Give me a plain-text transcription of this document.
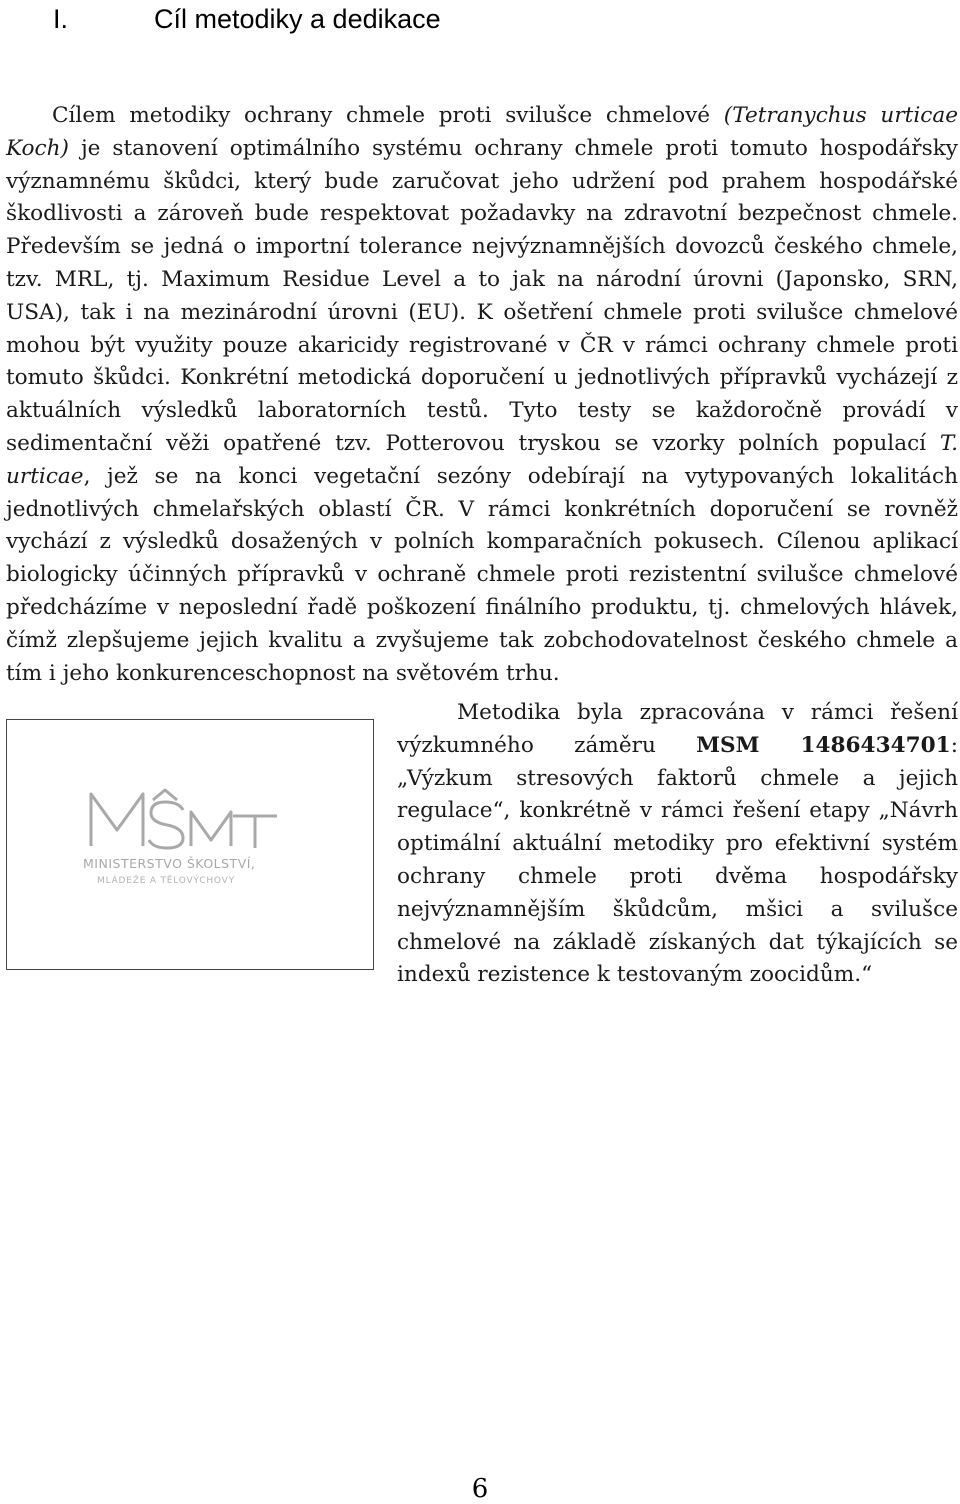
I.	Cíl metodiky a dedikace

Cílem metodiky ochrany chmele proti svilušce chmelové (Tetranychus urticae Koch) je stanovení optimálního systému ochrany chmele proti tomuto hospodářsky významnému škůdci, který bude zaručovat jeho udržení pod prahem hospodářské škodlivosti a zároveň bude respektovat požadavky na zdravotní bezpečnost chmele. Především se jedná o importní tolerance nejvýznamnějších dovozců českého chmele, tzv. MRL, tj. Maximum Residue Level a to jak na národní úrovni (Japonsko, SRN, USA), tak i na mezinárodní úrovni (EU). K ošetření chmele proti svilušce chmelové mohou být využity pouze akaricidy registrované v ČR v rámci ochrany chmele proti tomuto škůdci. Konkrétní metodická doporučení u jednotlivých přípravků vycházejí z aktuálních výsledků laboratorních testů. Tyto testy se každoročně provádí v sedimentační věži opatřené tzv. Potterovou tryskou se vzorky polních populací T. urticae, jež se na konci vegetační sezóny odebírají na vytypovaných lokalitách jednotlivých chmelařských oblastí ČR. V rámci konkrétních doporučení se rovněž vychází z výsledků dosažených v polních komparačních pokusech. Cílenou aplikací biologicky účinných přípravků v ochraně chmele proti rezistentní svilušce chmelové předcházíme v neposlední řadě poškození finálního produktu, tj. chmelových hlávek, čímž zlepšujeme jejich kvalitu a zvyšujeme tak zobchodovatelnost českého chmele a tím i jeho konkurenceschopnost na světovém trhu.

MINISTERSTVO ŠKOLSTVÍ,
MLÁDEŽE A TĚLOVÝCHOVY

Metodika byla zpracována v rámci řešení výzkumného záměru MSM 1486434701: „Výzkum stresových faktorů chmele a jejich regulace“, konkrétně v rámci řešení etapy „Návrh optimální aktuální metodiky pro efektivní systém ochrany chmele proti dvěma hospodářsky nejvýznamnějším škůdcům, mšici a svilušce chmelové na základě získaných dat týkajících se indexů rezistence k testovaným zoocidům.“

6
